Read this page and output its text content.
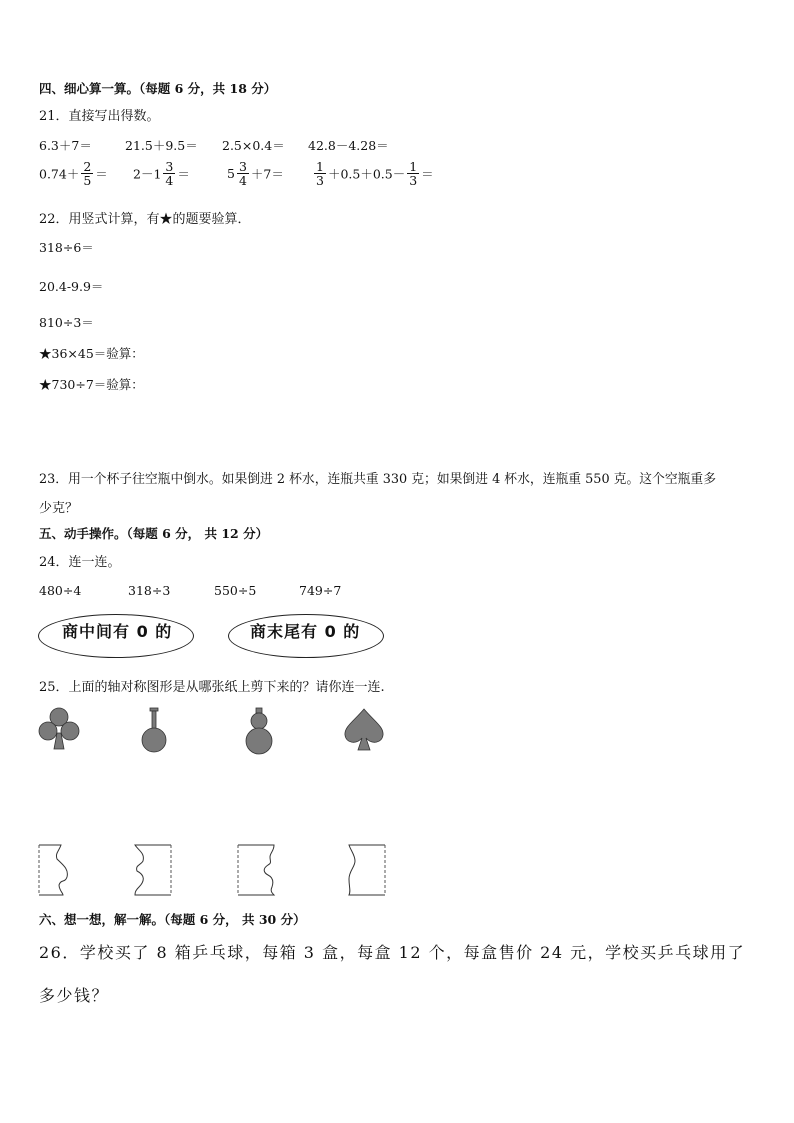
四、细心算一算。（每题 6 分，共 18 分）
21．直接写出得数。
6.3＋7＝	21.5＋9.5＝ 2.5×0.4＝ 42.8－4.28＝
$0.74+ \frac{2}{5} = 2-1 \frac{3}{4}$ ＝	$5 \frac{3}{4} +7= \frac{1}{3} +0.5+0.5- \frac{1}{3}$ ＝
22．用竖式计算，有★的题要验算．
318÷6＝
20.4-9.9＝
810÷3＝
★36×45＝验算：
★730÷7＝验算：
23．用一个杯子往空瓶中倒水。如果倒进 2 杯水，连瓶共重 330 克；如果倒进 4 杯水，连瓶重 550 克。这个空瓶重多
少克？
五、动手操作。（每题 6 分， 共 12 分）
24．连一连。
480÷4	318÷3	550÷5	749÷7
商中间有 0 的	商末尾有 0 的
25．上面的轴对称图形是从哪张纸上剪下来的？请你连一连.
六、想一想，解一解。（每题 6 分， 共 30 分）
26．学校买了 8 箱乒乓球，每箱 3 盒，每盒 12 个，每盒售价 24 元，学校买乒乓球用了
多少钱？
